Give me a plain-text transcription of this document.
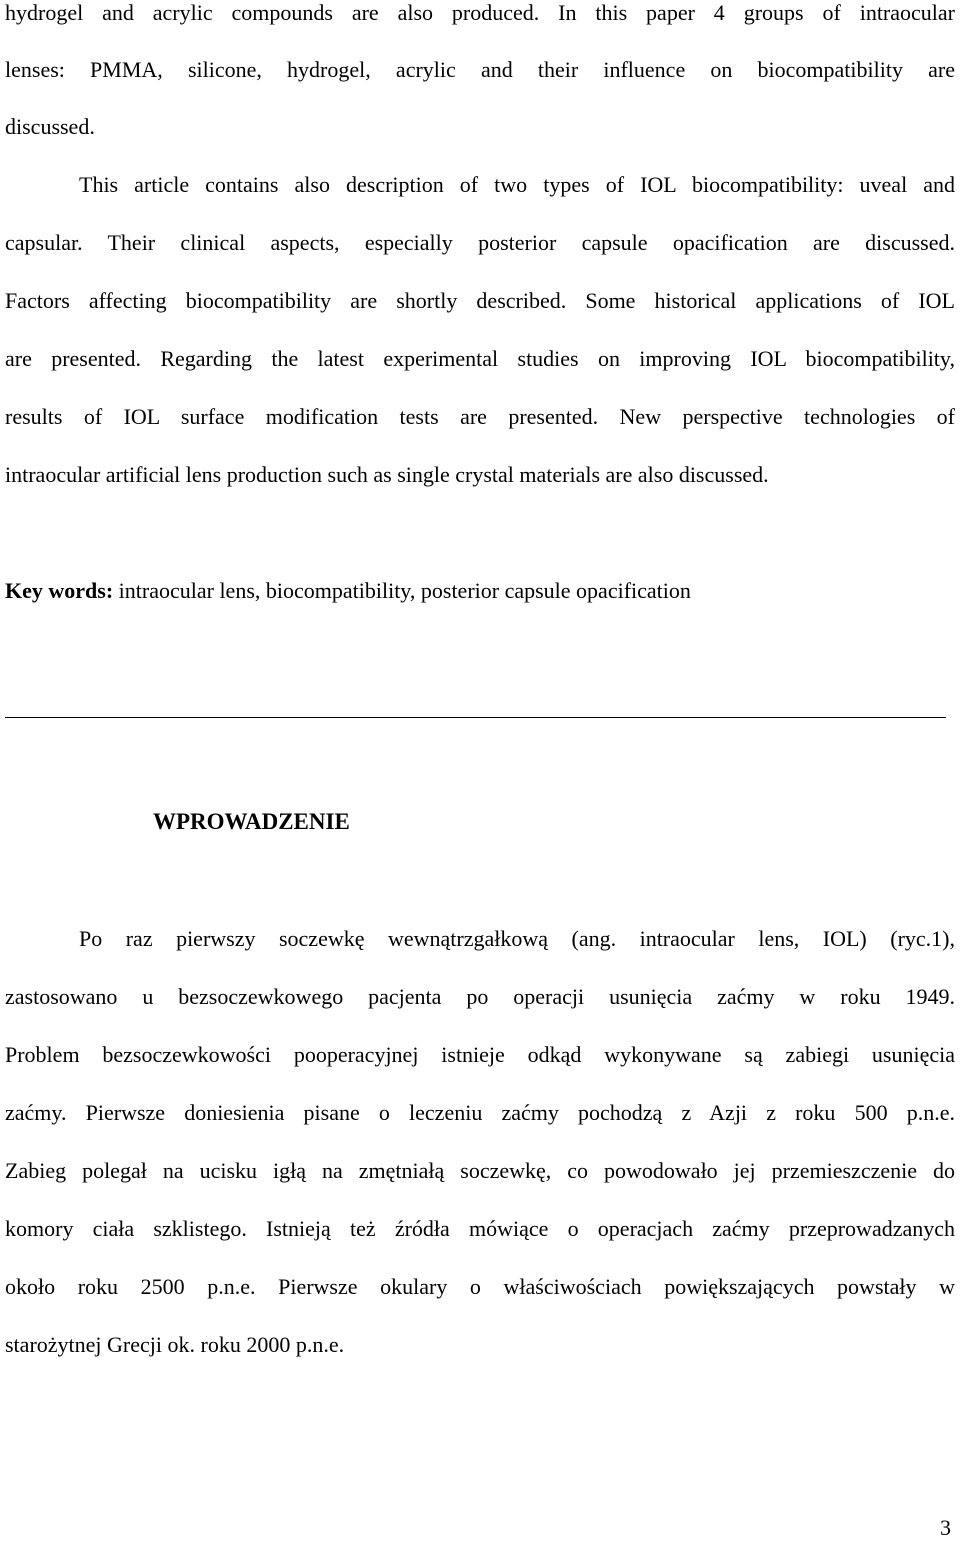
hydrogel and acrylic compounds are also produced. In this paper 4 groups of intraocular
lenses: PMMA, silicone, hydrogel, acrylic and their influence on biocompatibility are
discussed.
This article contains also description of two types of IOL biocompatibility: uveal and
capsular. Their clinical aspects, especially posterior capsule opacification are discussed.
Factors affecting biocompatibility are shortly described. Some historical applications of IOL
are presented. Regarding the latest experimental studies on improving IOL biocompatibility,
results of IOL surface modification tests are presented. New perspective technologies of
intraocular artificial lens production such as single crystal materials are also discussed.
Key words: intraocular lens, biocompatibility, posterior capsule opacification
WPROWADZENIE
Po raz pierwszy soczewkę wewnątrzgałkową (ang. intraocular lens, IOL) (ryc.1),
zastosowano u bezsoczewkowego pacjenta po operacji usunięcia zaćmy w roku 1949.
Problem bezsoczewkowości pooperacyjnej istnieje odkąd wykonywane są zabiegi usunięcia
zaćmy. Pierwsze doniesienia pisane o leczeniu zaćmy pochodzą z Azji z roku 500 p.n.e.
Zabieg polegał na ucisku igłą na zmętniałą soczewkę, co powodowało jej przemieszczenie do
komory ciała szklistego. Istnieją też źródła mówiące o operacjach zaćmy przeprowadzanych
około roku 2500 p.n.e. Pierwsze okulary o właściwościach powiększających powstały w
starożytnej Grecji ok. roku 2000 p.n.e.
3
